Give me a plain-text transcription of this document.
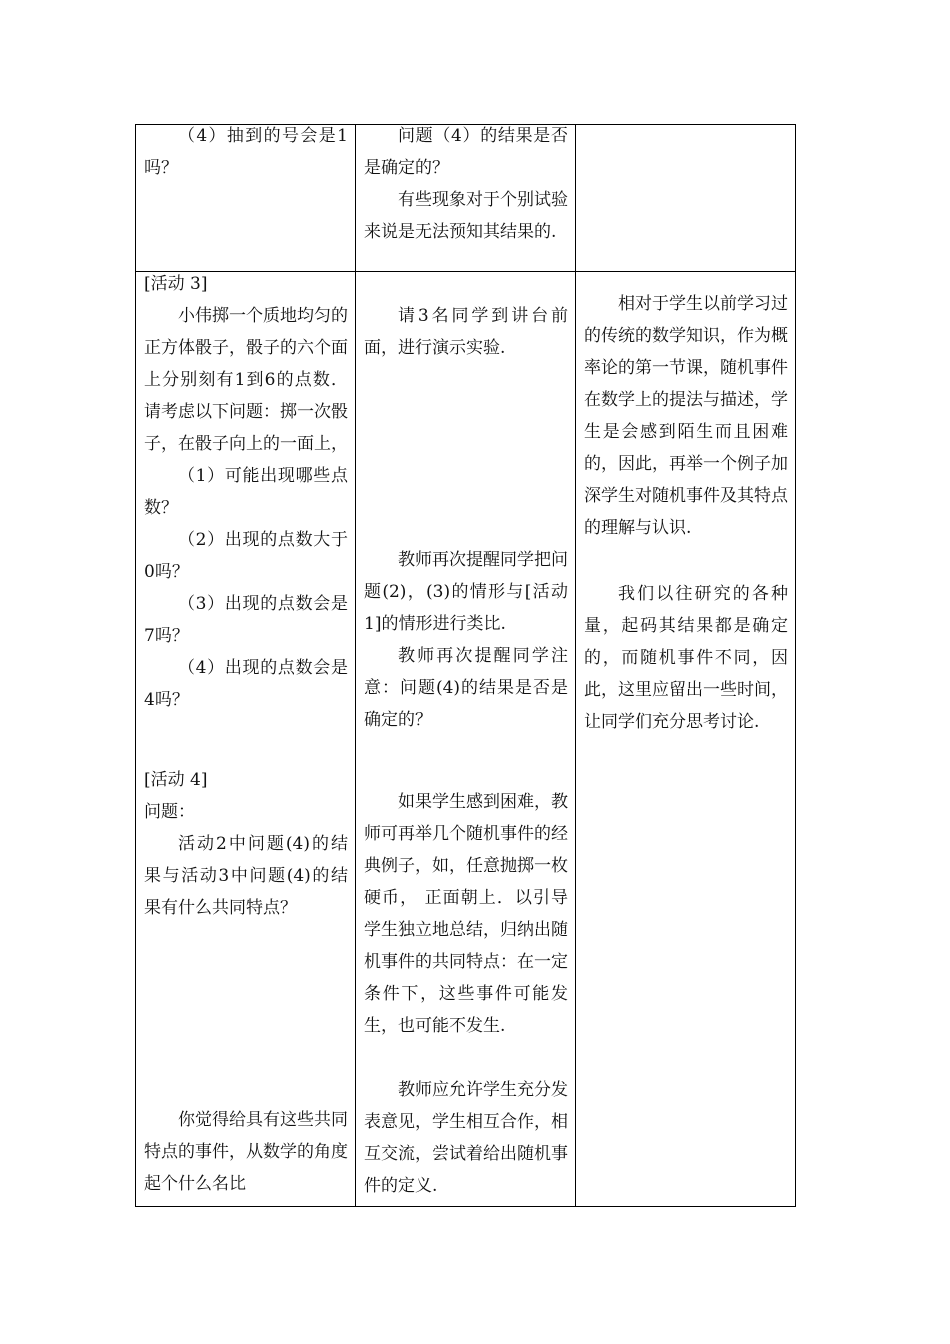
（4）抽到的号会是1吗？

问题（4）的结果是否是确定的？

有些现象对于个别试验来说是无法预知其结果的.

[活动 3]

小伟掷一个质地均匀的正方体骰子，骰子的六个面上分别刻有1到6的点数．请考虑以下问题：掷一次骰子，在骰子向上的一面上，

（1）可能出现哪些点数？

（2）出现的点数大于0吗？

（3）出现的点数会是7吗？

（4）出现的点数会是4吗？

[活动 4]

问题：

活动2中问题(4)的结果与活动3中问题(4)的结果有什么共同特点？

你觉得给具有这些共同特点的事件，从数学的角度起个什么名比

请3名同学到讲台前面，进行演示实验.

教师再次提醒同学把问题(2)，(3)的情形与[活动 1]的情形进行类比.

教师再次提醒同学注意：问题(4)的结果是否是确定的？

如果学生感到困难，教师可再举几个随机事件的经典例子，如，任意抛掷一枚硬币， 正面朝上．以引导学生独立地总结，归纳出随机事件的共同特点：在一定条件下，这些事件可能发生，也可能不发生.

教师应允许学生充分发表意见，学生相互合作，相互交流，尝试着给出随机事件的定义.

相对于学生以前学习过的传统的数学知识，作为概率论的第一节课，随机事件在数学上的提法与描述，学生是会感到陌生而且困难的，因此，再举一个例子加深学生对随机事件及其特点的理解与认识.

我们以往研究的各种量，起码其结果都是确定的，而随机事件不同，因此，这里应留出一些时间，让同学们充分思考讨论.
